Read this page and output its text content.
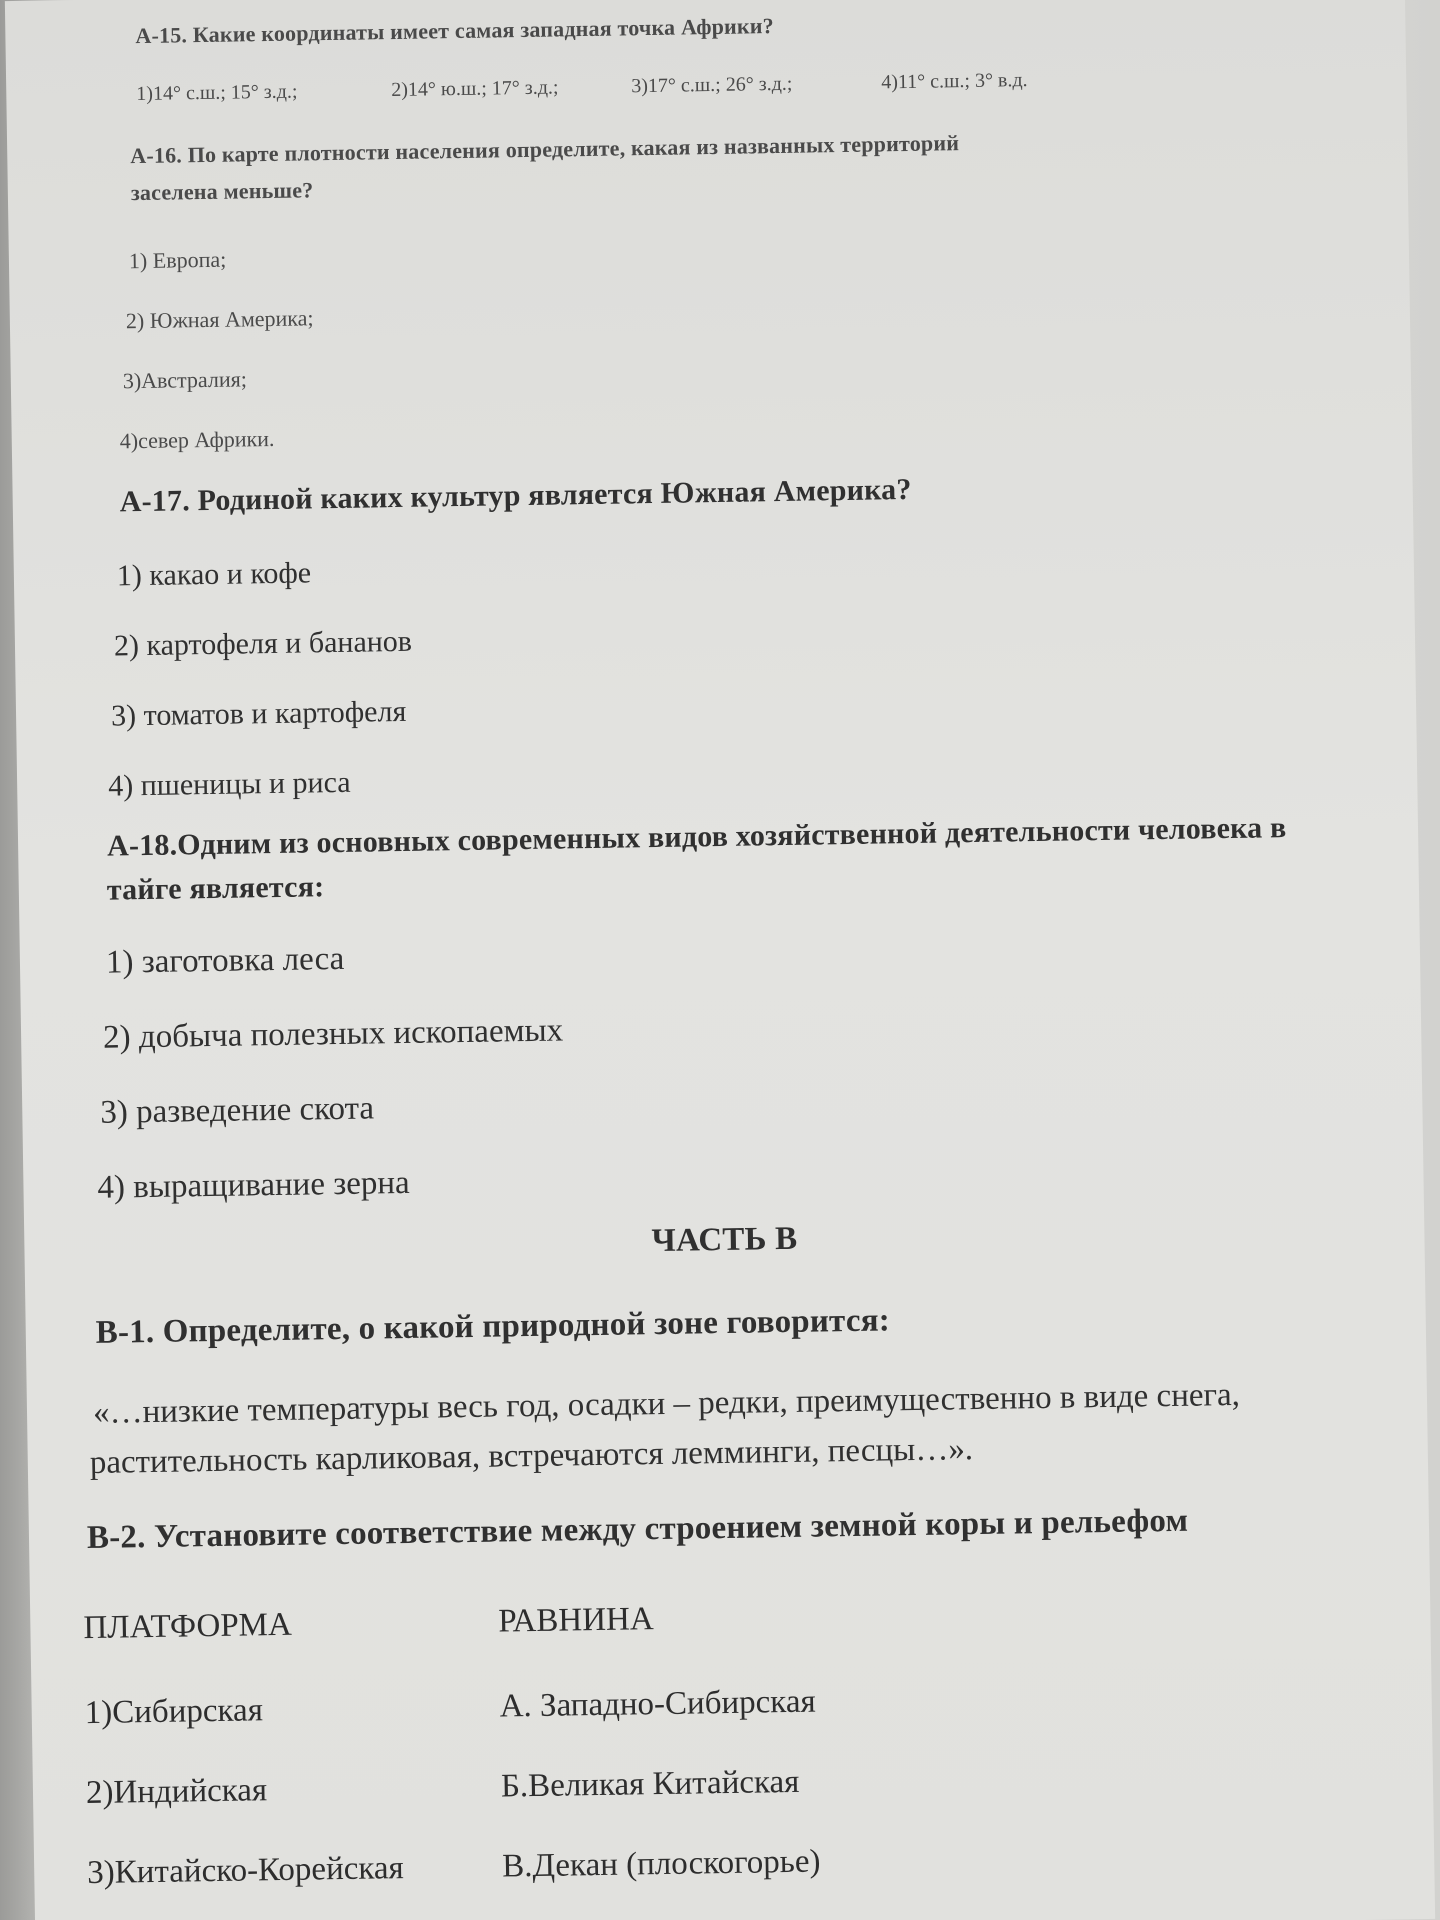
А-15. Какие координаты имеет самая западная точка Африки?
1)14° с.ш.; 15° з.д.;	2)14° ю.ш.; 17° з.д.;	3)17° с.ш.; 26° з.д.;	4)11° с.ш.; 3° в.д.
А-16. По карте плотности населения определите, какая из названных территорий
заселена меньше?
1) Европа;
2) Южная Америка;
3)Австралия;
4)север Африки.
А-17. Родиной каких культур является Южная Америка?
1) какао и кофе
2) картофеля и бананов
3) томатов и картофеля
4) пшеницы и риса
А-18.Одним из основных современных видов хозяйственной деятельности человека в
тайге является:
1) заготовка леса
2) добыча полезных ископаемых
3) разведение скота
4) выращивание зерна
ЧАСТЬ В
В-1. Определите, о какой природной зоне говорится:
«…низкие температуры весь год, осадки – редки, преимущественно в виде снега,
растительность карликовая, встречаются лемминги, песцы…».
В-2. Установите соответствие между строением земной коры и рельефом
ПЛАТФОРМА	РАВНИНА
1)Сибирская	А. Западно-Сибирская
2)Индийская	Б.Великая Китайская
3)Китайско-Корейская	В.Декан (плоскогорье)
